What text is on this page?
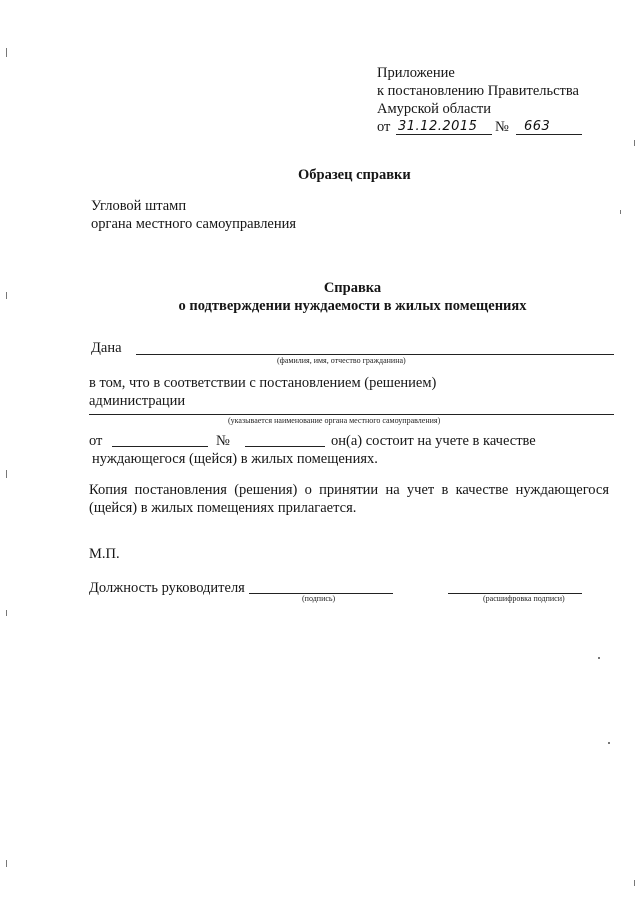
Приложение
к постановлению Правительства
Амурской области
от 31.12.2015 № 663
Образец справки
Угловой штамп
органа местного самоуправления
Справка
о подтверждении нуждаемости в жилых помещениях
Дана
(фамилия, имя, отчество гражданина)
в том, что в соответствии с постановлением (решением)
администрации
(указывается наименование органа местного самоуправления)
от	№	он(а) состоит на учете в качестве
нуждающегося (щейся) в жилых помещениях.
Копия постановления (решения) о принятии на учет в качестве нуждающегося
(щейся) в жилых помещениях прилагается.
М.П.
Должность руководителя
(подпись)	(расшифровка подписи)
